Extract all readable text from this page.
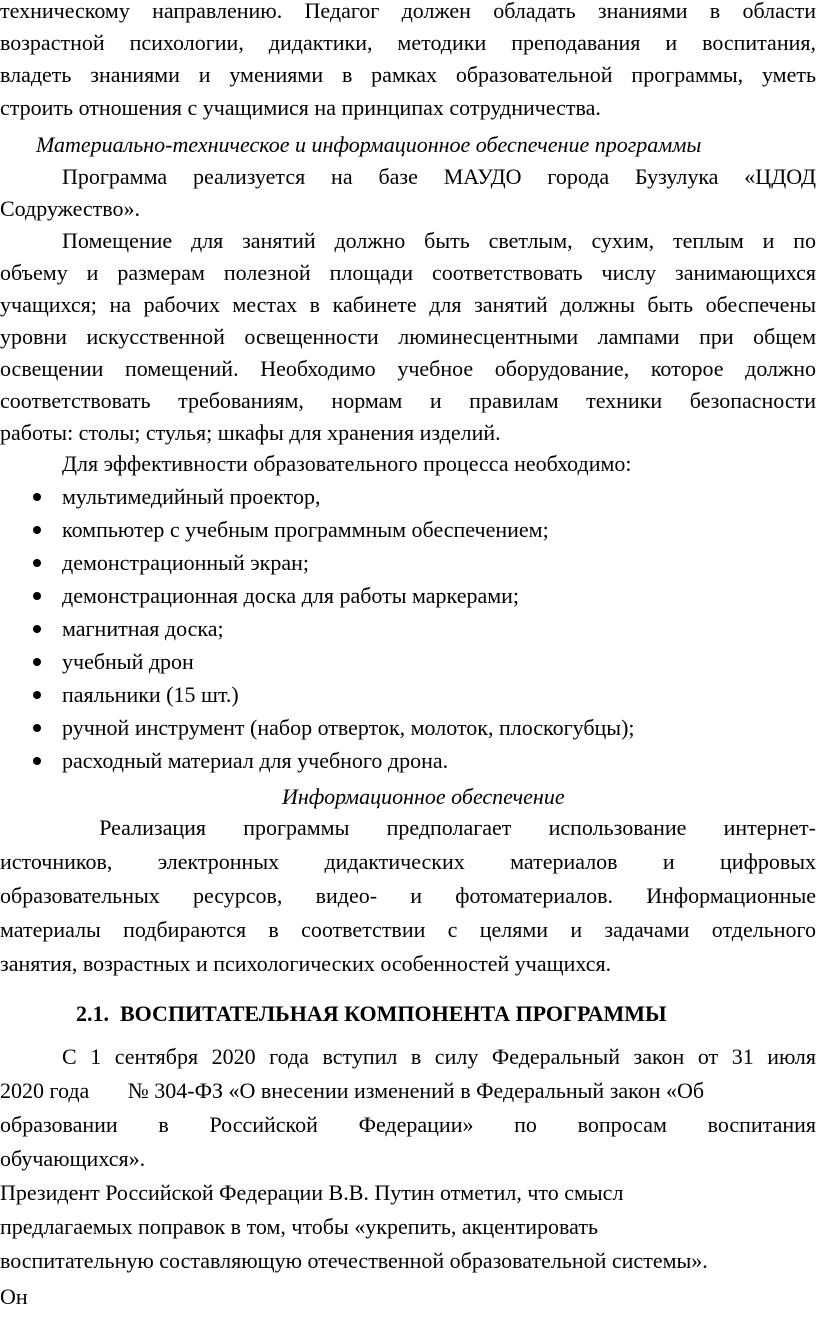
техническому направлению. Педагог должен обладать знаниями в области
возрастной психологии, дидактики, методики преподавания и воспитания,
владеть знаниями и умениями в рамках образовательной программы, уметь
строить отношения с учащимися на принципах сотрудничества.
Материально-техническое и информационное обеспечение программы
Программа реализуется на базе МАУДО города Бузулука «ЦДОД
Содружество».
Помещение для занятий должно быть светлым, сухим, теплым и по
объему и размерам полезной площади соответствовать числу занимающихся
учащихся; на рабочих местах в кабинете для занятий должны быть обеспечены
уровни искусственной освещенности люминесцентными лампами при общем
освещении помещений. Необходимо учебное оборудование, которое должно
соответствовать требованиям, нормам и правилам техники безопасности
работы: столы; стулья; шкафы для хранения изделий.
Для эффективности образовательного процесса необходимо:
мультимедийный проектор,
компьютер с учебным программным обеспечением;
демонстрационный экран;
демонстрационная доска для работы маркерами;
магнитная доска;
учебный дрон
паяльники (15 шт.)
ручной инструмент (набор отверток, молоток, плоскогубцы);
расходный материал для учебного дрона.
Информационное обеспечение
Реализация программы предполагает использование интернет-
источников, электронных дидактических материалов и цифровых
образовательных ресурсов, видео- и фотоматериалов. Информационные
материалы подбираются в соответствии с целями и задачами отдельного
занятия, возрастных и психологических особенностей учащихся.
2.1.  ВОСПИТАТЕЛЬНАЯ КОМПОНЕНТА ПРОГРАММЫ
С 1 сентября 2020 года вступил в силу Федеральный закон от 31 июля
2020 года       № 304-ФЗ «О внесении изменений в Федеральный закон «Об
образовании в Российской Федерации» по вопросам воспитания
обучающихся».
Президент Российской Федерации В.В. Путин отметил, что смысл
предлагаемых поправок в том, чтобы «укрепить, акцентировать
воспитательную составляющую отечественной образовательной системы».
Он
